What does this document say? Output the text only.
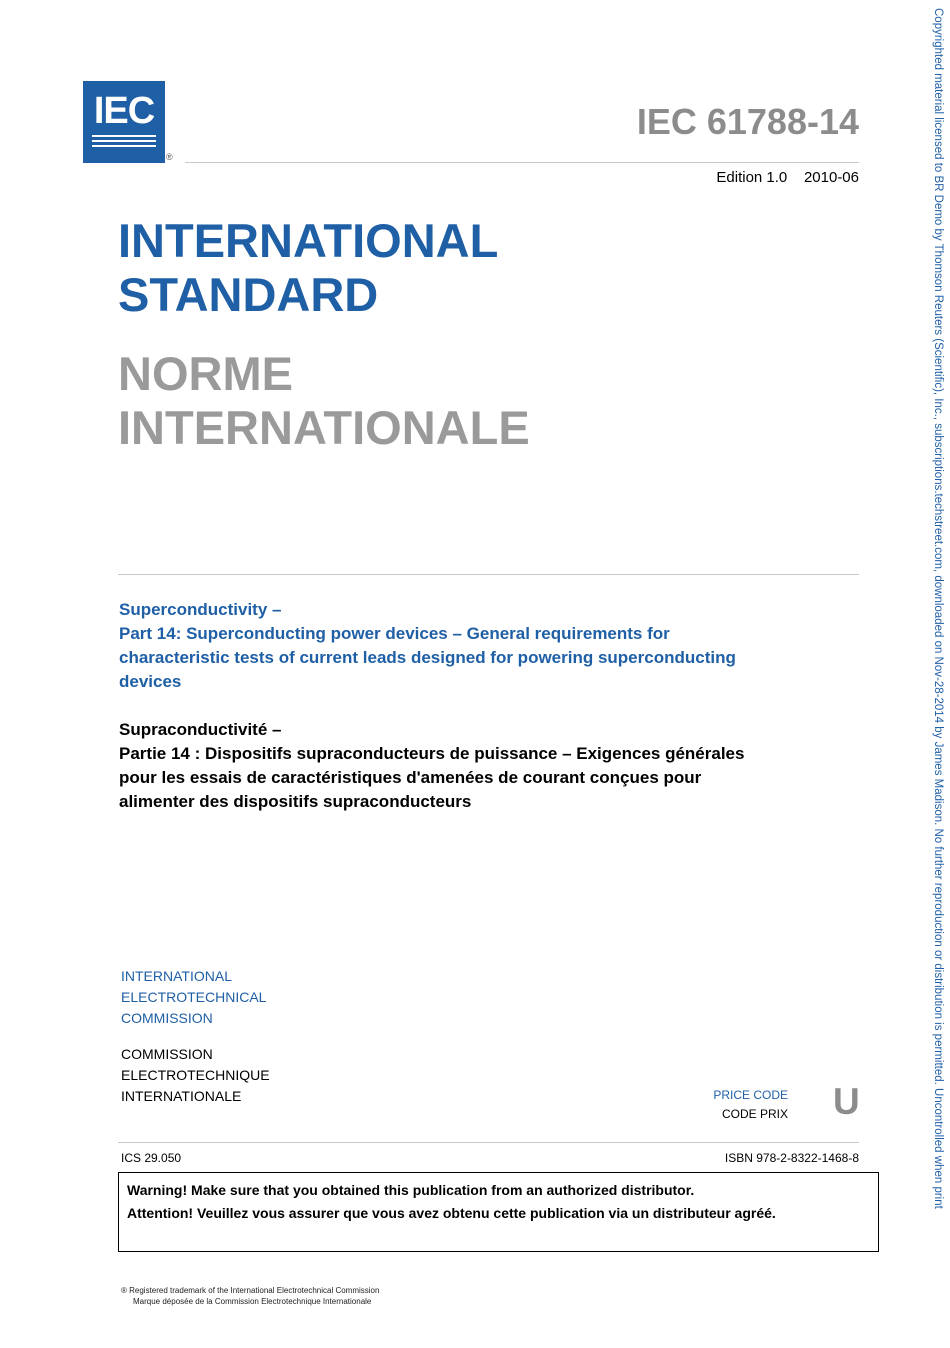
IEC
®
IEC 61788-14
Edition 1.0    2010-06
INTERNATIONAL
STANDARD
NORME
INTERNATIONALE
Superconductivity –
Part 14: Superconducting power devices – General requirements for
characteristic tests of current leads designed for powering superconducting
devices
Supraconductivité –
Partie 14 : Dispositifs supraconducteurs de puissance – Exigences générales
pour les essais de caractéristiques d'amenées de courant conçues pour
alimenter des dispositifs supraconducteurs
INTERNATIONAL
ELECTROTECHNICAL
COMMISSION
COMMISSION
ELECTROTECHNIQUE
INTERNATIONALE	PRICE CODE
CODE PRIX U
ICS 29.050	ISBN 978-2-8322-1468-8
Warning! Make sure that you obtained this publication from an authorized distributor.
Attention! Veuillez vous assurer que vous avez obtenu cette publication via un distributeur agréé.
® Registered trademark of the International Electrotechnical Commission
Marque déposée de la Commission Electrotechnique Internationale
Copyrighted material licensed to BR Demo by Thomson Reuters (Scientific), Inc., subscriptions.techstreet.com, downloaded on Nov-28-2014 by James Madison. No further reproduction or distribution is permitted. Uncontrolled when print
